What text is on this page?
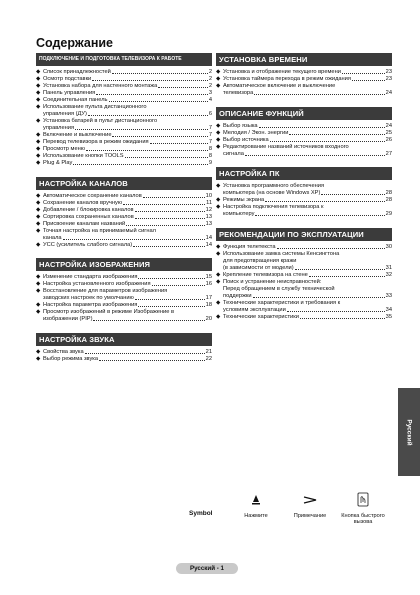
Содержание
ПОДКЛЮЧЕНИЕ И ПОДГОТОВКА ТЕЛЕВИЗОРА К РАБОТЕ
◆ Список принадлежностей	2
◆ Осмотр подставки	2
◆ Установка набора для настенного монтажа	2
◆ Панель управления	3
◆ Соединительная панель	4
◆ Использование пульта дистанционного
управления (ДУ)	6
◆ Установка батарей в пульт дистанционного
управления	7
◆ Включение и выключение	7
◆ Перевод телевизора в режим ожидания	7
◆ Просмотр меню	8
◆ Использование кнопки TOOLS	8
◆ Plug & Play	9
НАСТРОЙКА КАНАЛОВ
◆ Автоматическое сохранение каналов	10
◆ Сохранение каналов вручную	11
◆ Добавление / блокировка каналов	12
◆ Сортировка сохраненных каналов	13
◆ Присвоение каналам названий	13
◆ Точная настройка на принимаемый сигнал
канала	14
◆ УСС (усилитель слабого сигнала)	14
НАСТРОЙКА ИЗОБРАЖЕНИЯ
◆ Изменение стандарта изображения	15
◆ Настройка установленного изображения	16
◆ Восстановление для параметров изображения
заводских настроек по умолчанию	17
◆ Настройка параметра изображения	18
◆ Просмотр изображений в режиме Изображение в
изображении (PIP)	20
НАСТРОЙКА ЗВУКА
◆ Свойства звука	21
◆ Выбор режима звука	22
УСТАНОВКА ВРЕМЕНИ
◆ Установка и отображение текущего времени	23
◆ Установка таймера перехода в режим ожидания	23
◆ Автоматическое включение и выключение
телевизора	24
ОПИСАНИЕ ФУНКЦИЙ
◆ Выбор языка	24
◆ Мелодия / Экон. энергии	25
◆ Выбор источника	26
◆ Редактирование названий источников входного
сигнала	27
НАСТРОЙКА ПК
◆ Установка программного обеспечения
компьютера (на основе Windows XP)	28
◆ Режимы экрана	28
◆ Настройка подключения телевизора к
компьютеру	29
РЕКОМЕНДАЦИИ ПО ЭКСПЛУАТАЦИИ
◆ Функция телетекста	30
◆ Использование замка системы Кенсингтона
для предотвращения кражи
(в зависимости от модели)	31
◆ Крепление телевизора на стене	32
◆ Поиск и устранение неисправностей:
Перед обращением в службу технической
поддержки	33
◆ Технические характеристики и требования к
условиям эксплуатации	34
◆ Технические характеристики	35
Русский
Symbol	Нажмите	Примечание	Кнопка быстрого
вызова
Русский - 1
